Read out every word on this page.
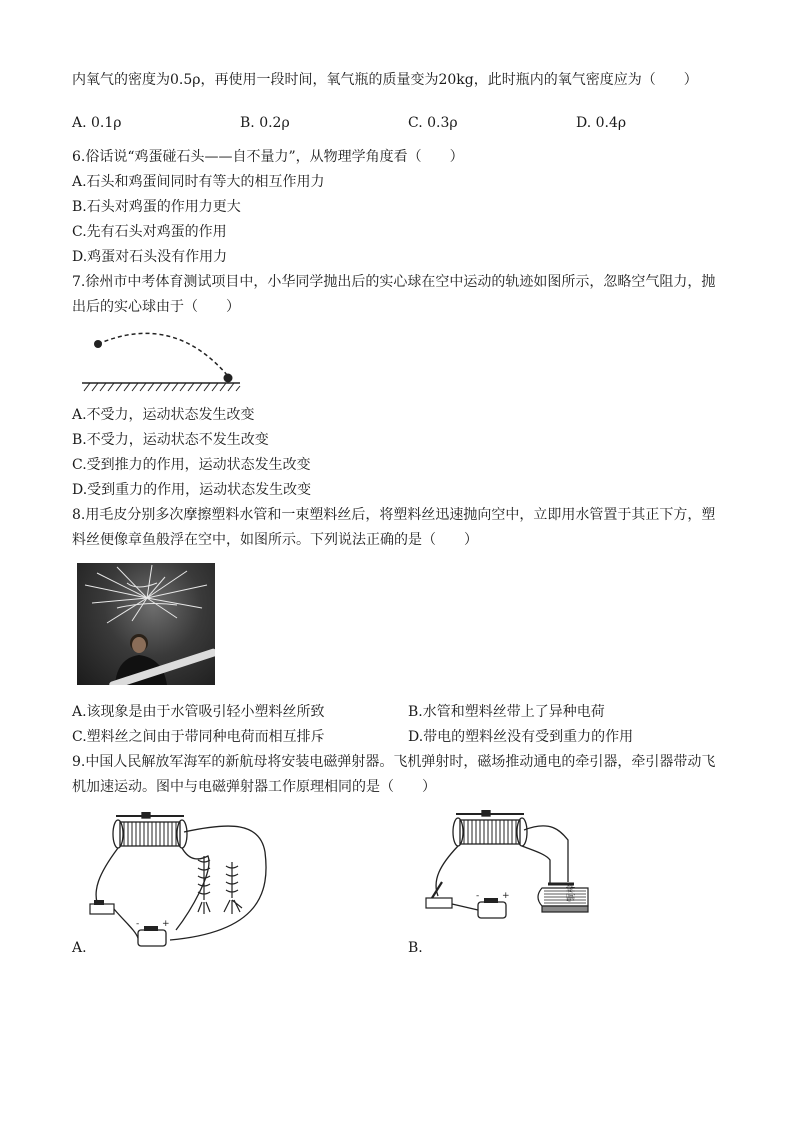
内氧气的密度为0.5ρ，再使用一段时间，氧气瓶的质量变为20kg，此时瓶内的氧气密度应为（　　）
A. 0.1ρ	B. 0.2ρ	C. 0.3ρ	D. 0.4ρ
6.俗话说“鸡蛋碰石头——自不量力”，从物理学角度看（　　）
A.石头和鸡蛋间同时有等大的相互作用力
B.石头对鸡蛋的作用力更大
C.先有石头对鸡蛋的作用
D.鸡蛋对石头没有作用力
7.徐州市中考体育测试项目中，小华同学抛出后的实心球在空中运动的轨迹如图所示，忽略空气阻力，抛
出后的实心球由于（　　）
A.不受力，运动状态发生改变
B.不受力，运动状态不发生改变
C.受到推力的作用，运动状态发生改变
D.受到重力的作用，运动状态发生改变
8.用毛皮分别多次摩擦塑料水管和一束塑料丝后，将塑料丝迅速抛向空中，立即用水管置于其正下方，塑
料丝便像章鱼般浮在空中，如图所示。下列说法正确的是（　　）
A.该现象是由于水管吸引轻小塑料丝所致	B.水管和塑料丝带上了异种电荷
C.塑料丝之间由于带同种电荷而相互排斥	D.带电的塑料丝没有受到重力的作用
9.中国人民解放军海军的新航母将安装电磁弹射器。飞机弹射时，磁场推动通电的牵引器，牵引器带动飞
机加速运动。图中与电磁弹射器工作原理相同的是（　　）
-	+
A.
-	+	铜棒
B.
